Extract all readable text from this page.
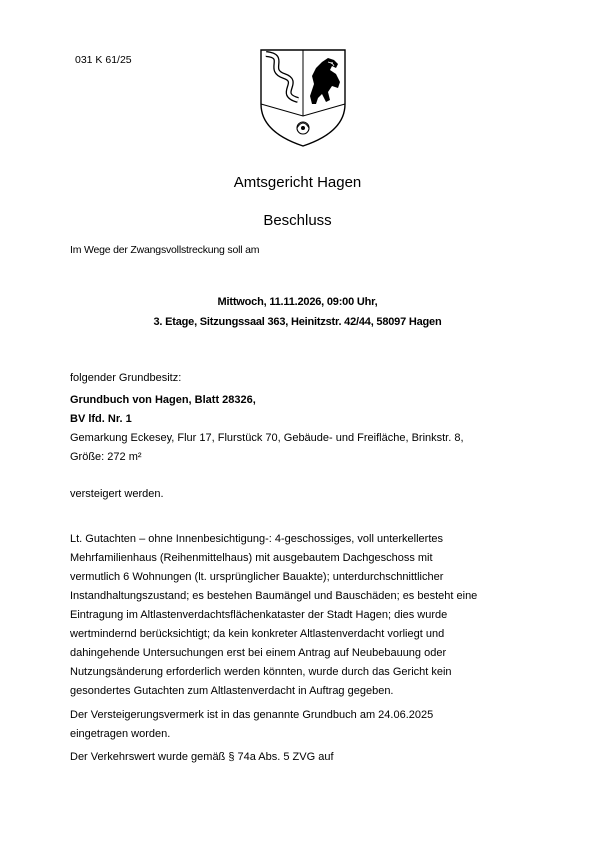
031 K 61/25
Amtsgericht Hagen
Beschluss
Im Wege der Zwangsvollstreckung soll am
Mittwoch, 11.11.2026, 09:00 Uhr,
3. Etage, Sitzungssaal 363, Heinitzstr. 42/44, 58097 Hagen
folgender Grundbesitz:
Grundbuch von Hagen, Blatt 28326,
BV lfd. Nr. 1
Gemarkung Eckesey, Flur 17, Flurstück 70, Gebäude- und Freifläche, Brinkstr. 8,
Größe: 272 m²
versteigert werden.
Lt. Gutachten – ohne Innenbesichtigung-: 4-geschossiges, voll unterkellertes
Mehrfamilienhaus (Reihenmittelhaus) mit ausgebautem Dachgeschoss mit
vermutlich 6 Wohnungen (lt. ursprünglicher Bauakte); unterdurchschnittlicher
Instandhaltungszustand; es bestehen Baumängel und Bauschäden; es besteht eine
Eintragung im Altlastenverdachtsflächenkataster der Stadt Hagen; dies wurde
wertmindernd berücksichtigt; da kein konkreter Altlastenverdacht vorliegt und
dahingehende Untersuchungen erst bei einem Antrag auf Neubebauung oder
Nutzungsänderung erforderlich werden könnten, wurde durch das Gericht kein
gesondertes Gutachten zum Altlastenverdacht in Auftrag gegeben.
Der Versteigerungsvermerk ist in das genannte Grundbuch am 24.06.2025
eingetragen worden.
Der Verkehrswert wurde gemäß § 74a Abs. 5 ZVG auf
